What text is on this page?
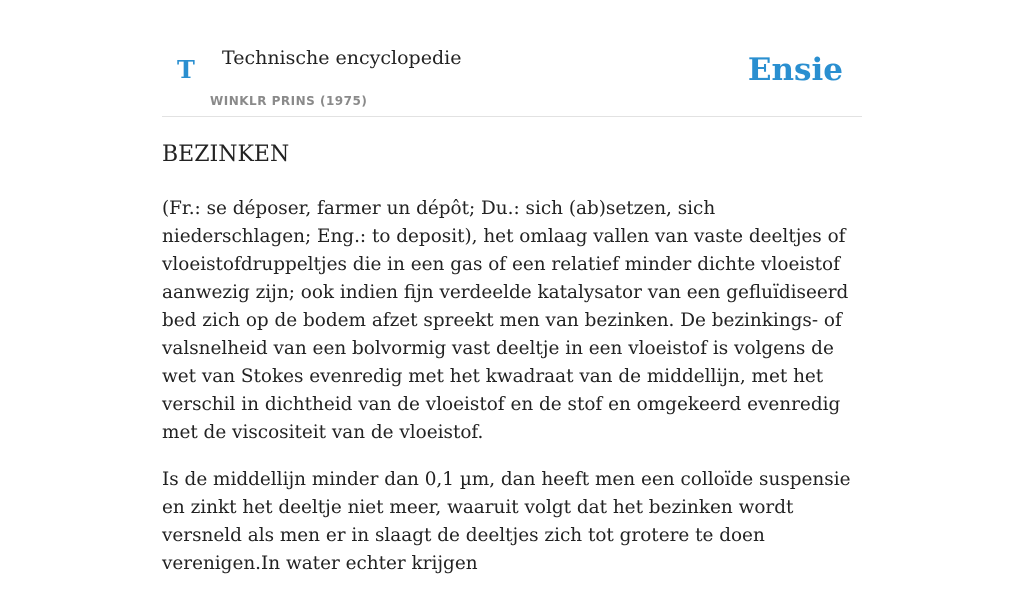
T Technische encyclopedie
WINKLR PRINS (1975)
Ensie
BEZINKEN

(Fr.: se déposer, farmer un dépôt; Du.: sich (ab)setzen, sich niederschlagen; Eng.: to deposit), het omlaag vallen van vaste deeltjes of vloeistofdruppeltjes die in een gas of een relatief minder dichte vloeistof aanwezig zijn; ook indien fijn verdeelde katalysator van een gefluïdiseerd bed zich op de bodem afzet spreekt men van bezinken. De bezinkings- of valsnelheid van een bolvormig vast deeltje in een vloeistof is volgens de wet van Stokes evenredig met het kwadraat van de middellijn, met het verschil in dichtheid van de vloeistof en de stof en omgekeerd evenredig met de viscositeit van de vloeistof.

Is de middellijn minder dan 0,1 µm, dan heeft men een colloïde suspensie en zinkt het deeltje niet meer, waaruit volgt dat het bezinken wordt versneld als men er in slaagt de deeltjes zich tot grotere te doen verenigen.In water echter krijgen
